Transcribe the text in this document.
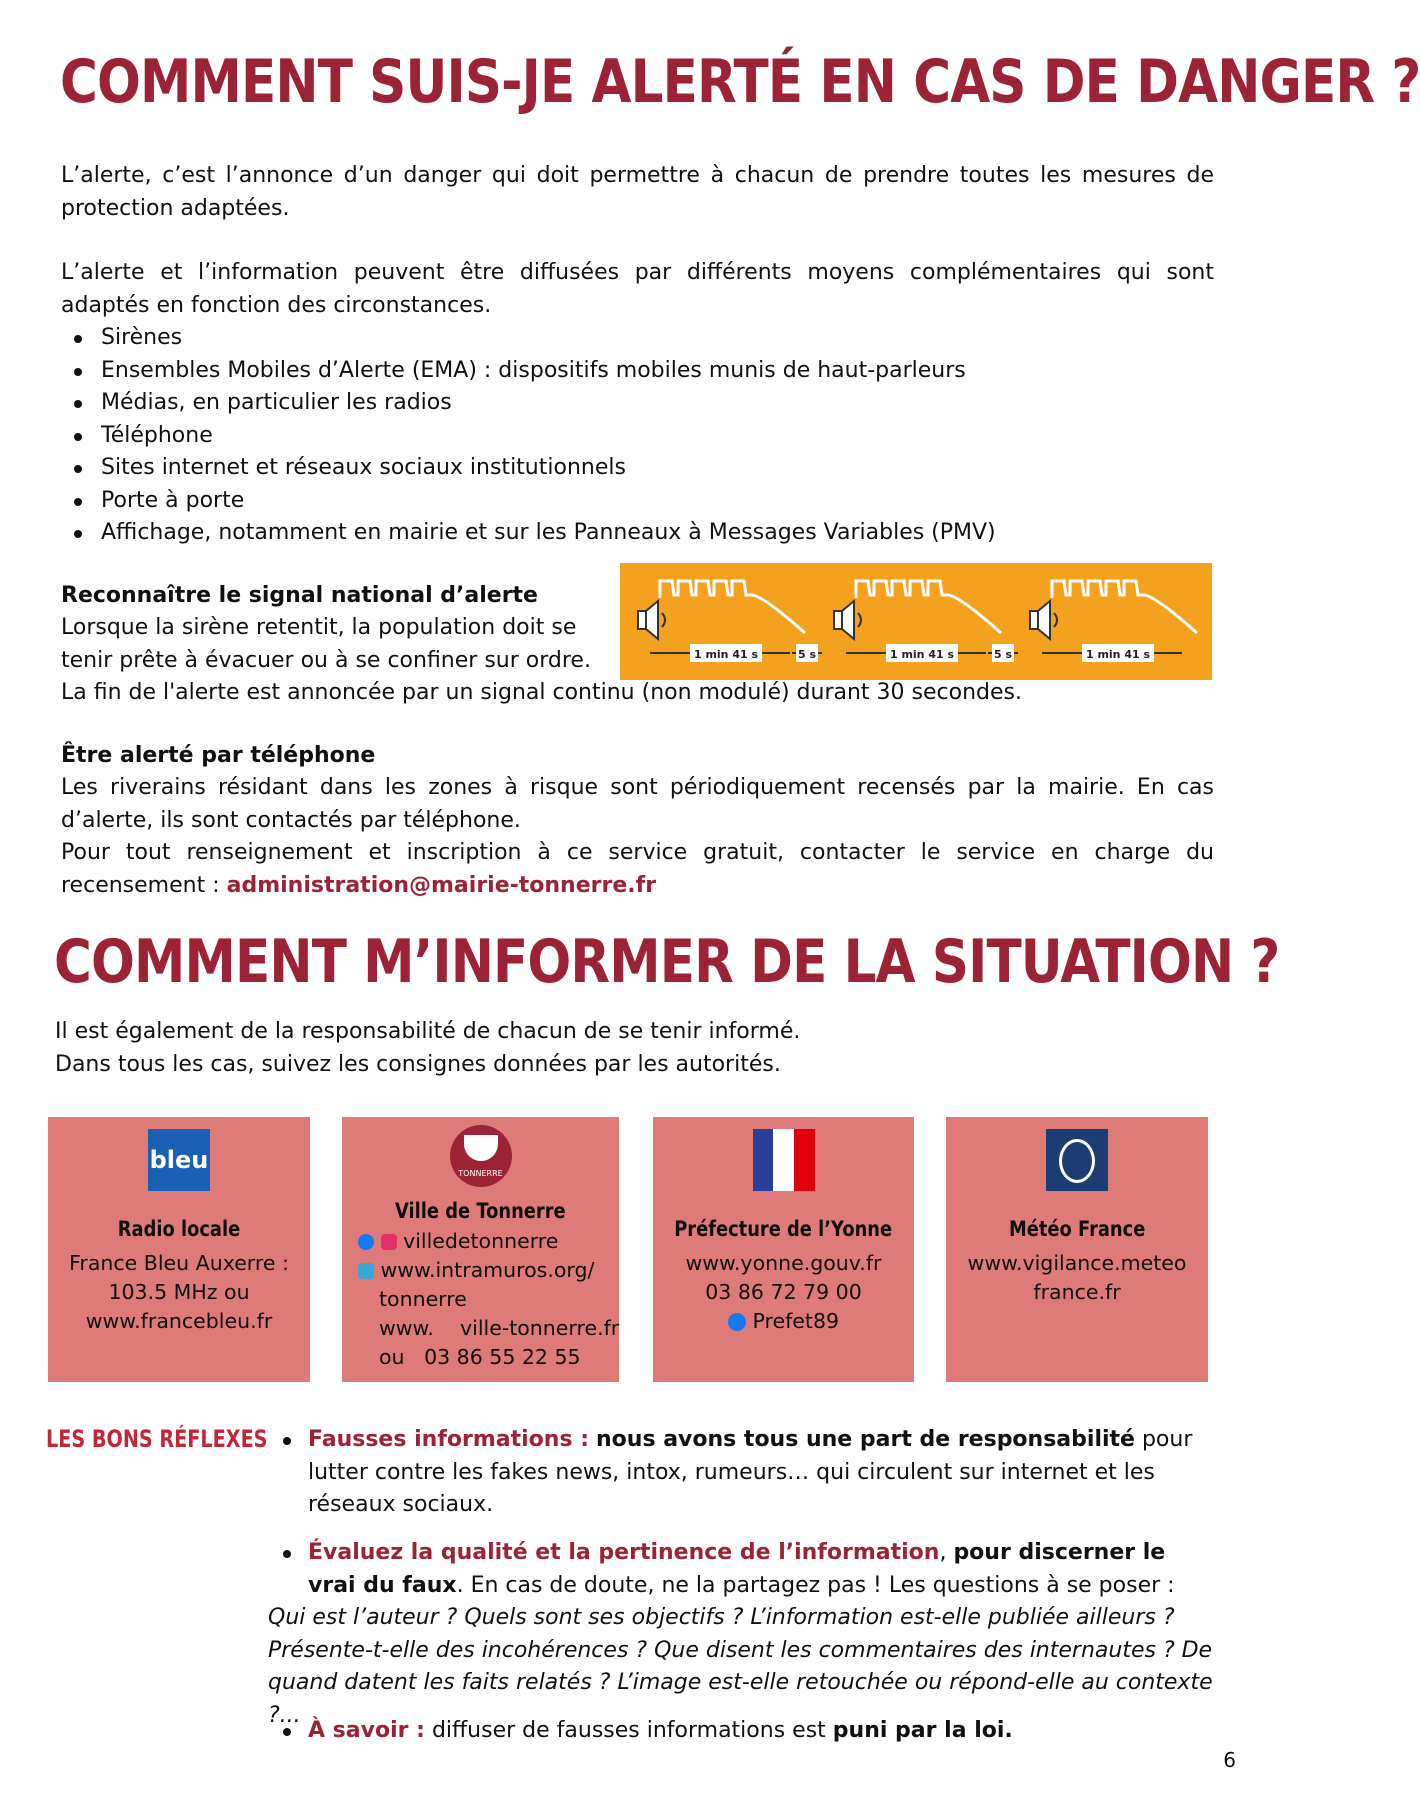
COMMENT SUIS-JE ALERTÉ EN CAS DE DANGER ?
L’alerte, c’est l’annonce d’un danger qui doit permettre à chacun de prendre toutes les mesures de protection adaptées.
L’alerte et l’information peuvent être diffusées par différents moyens complémentaires qui sont adaptés en fonction des circonstances.
Sirènes
Ensembles Mobiles d’Alerte (EMA) : dispositifs mobiles munis de haut-parleurs
Médias, en particulier les radios
Téléphone
Sites internet et réseaux sociaux institutionnels
Porte à porte
Affichage, notamment en mairie et sur les Panneaux à Messages Variables (PMV)
Reconnaître le signal national d’alerte
Lorsque la sirène retentit, la population doit se
tenir prête à évacuer ou à se confiner sur ordre.
La fin de l'alerte est annoncée par un signal continu (non modulé) durant 30 secondes.
1 min 41 s	5 s	1 min 41 s	5 s	1 min 41 s
Être alerté par téléphone
Les riverains résidant dans les zones à risque sont périodiquement recensés par la mairie. En cas d’alerte, ils sont contactés par téléphone.
Pour tout renseignement et inscription à ce service gratuit, contacter le service en charge du recensement : administration@mairie-tonnerre.fr
COMMENT M’INFORMER DE LA SITUATION ?
Il est également de la responsabilité de chacun de se tenir informé.
Dans tous les cas, suivez les consignes données par les autorités.
bleu
Radio locale
France Bleu Auxerre :
103.5 MHz ou
www.francebleu.fr
TONNERRE
Ville de Tonnerre
villedetonnerre
www.intramuros.org/
tonnerre
www.    ville-tonnerre.fr
ou   03 86 55 22 55
Préfecture de l’Yonne
www.yonne.gouv.fr
03 86 72 79 00
Prefet89
Météo France
www.vigilance.meteo
france.fr
LES BONS RÉFLEXES Fausses informations : nous avons tous une part de responsabilité pour lutter contre les fakes news, intox, rumeurs… qui circulent sur internet et les réseaux sociaux.
Évaluez la qualité et la pertinence de l’information, pour discerner le vrai du faux. En cas de doute, ne la partagez pas ! Les questions à se poser :
Qui est l’auteur ? Quels sont ses objectifs ? L’information est-elle publiée ailleurs ? Présente-t-elle des incohérences ? Que disent les commentaires des internautes ? De quand datent les faits relatés ? L’image est-elle retouchée ou répond-elle au contexte ?...
À savoir : diffuser de fausses informations est puni par la loi.
6
